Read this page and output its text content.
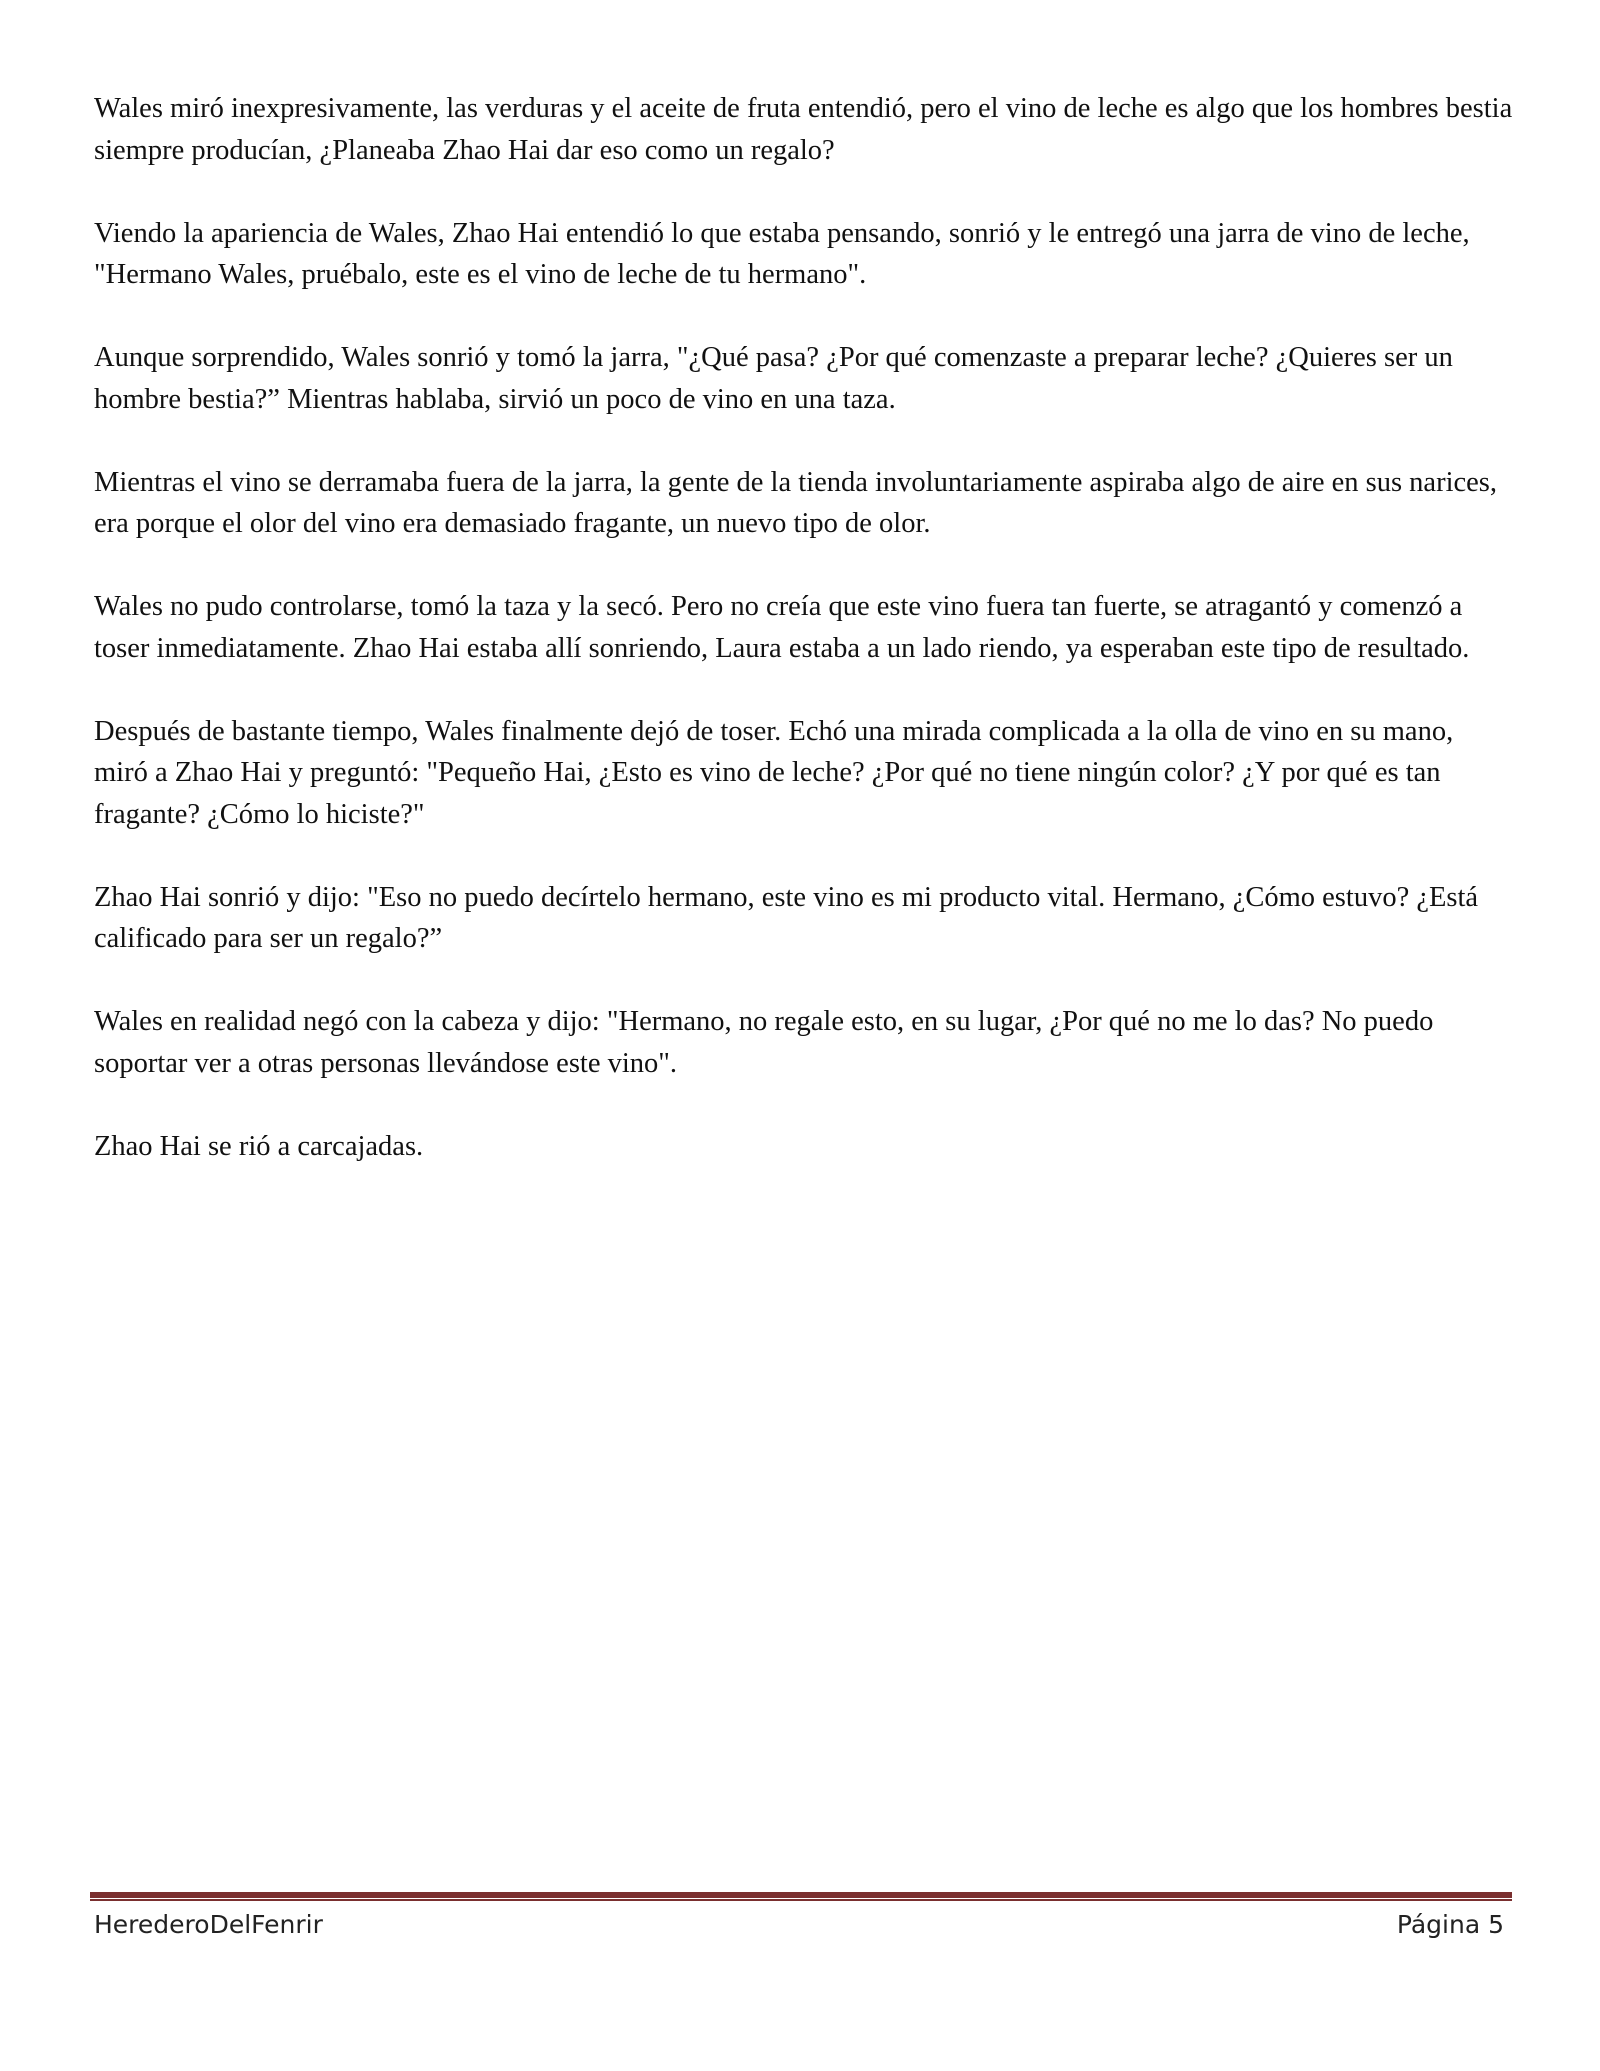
Wales miró inexpresivamente, las verduras y el aceite de fruta entendió, pero el vino de leche es algo que los hombres bestia siempre producían, ¿Planeaba Zhao Hai dar eso como un regalo?

Viendo la apariencia de Wales, Zhao Hai entendió lo que estaba pensando, sonrió y le entregó una jarra de vino de leche, "Hermano Wales, pruébalo, este es el vino de leche de tu hermano".

Aunque sorprendido, Wales sonrió y tomó la jarra, "¿Qué pasa? ¿Por qué comenzaste a preparar leche? ¿Quieres ser un hombre bestia?” Mientras hablaba, sirvió un poco de vino en una taza.

Mientras el vino se derramaba fuera de la jarra, la gente de la tienda involuntariamente aspiraba algo de aire en sus narices, era porque el olor del vino era demasiado fragante, un nuevo tipo de olor.

Wales no pudo controlarse, tomó la taza y la secó. Pero no creía que este vino fuera tan fuerte, se atragantó y comenzó a toser inmediatamente. Zhao Hai estaba allí sonriendo, Laura estaba a un lado riendo, ya esperaban este tipo de resultado.

Después de bastante tiempo, Wales finalmente dejó de toser. Echó una mirada complicada a la olla de vino en su mano, miró a Zhao Hai y preguntó: "Pequeño Hai, ¿Esto es vino de leche? ¿Por qué no tiene ningún color? ¿Y por qué es tan fragante? ¿Cómo lo hiciste?"

Zhao Hai sonrió y dijo: "Eso no puedo decírtelo hermano, este vino es mi producto vital. Hermano, ¿Cómo estuvo? ¿Está calificado para ser un regalo?”

Wales en realidad negó con la cabeza y dijo: "Hermano, no regale esto, en su lugar, ¿Por qué no me lo das? No puedo soportar ver a otras personas llevándose este vino".

Zhao Hai se rió a carcajadas.

HerederoDelFenrir	Página 5
